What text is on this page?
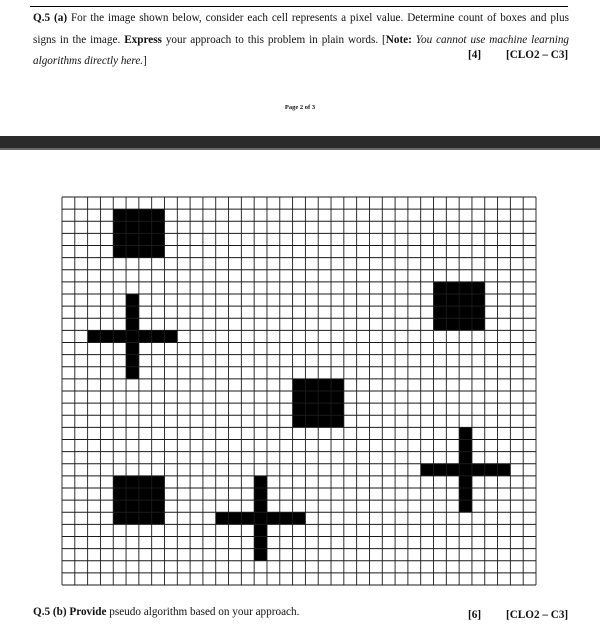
Q.5 (a) For the image shown below, consider each cell represents a pixel value. Determine count of boxes and plus signs in the image. Express your approach to this problem in plain words. [Note: You cannot use machine learning algorithms directly here.]	[4] [CLO2 – C3]
Page 2 of 3
Q.5 (b) Provide pseudo algorithm based on your approach.	[6] [CLO2 – C3]
